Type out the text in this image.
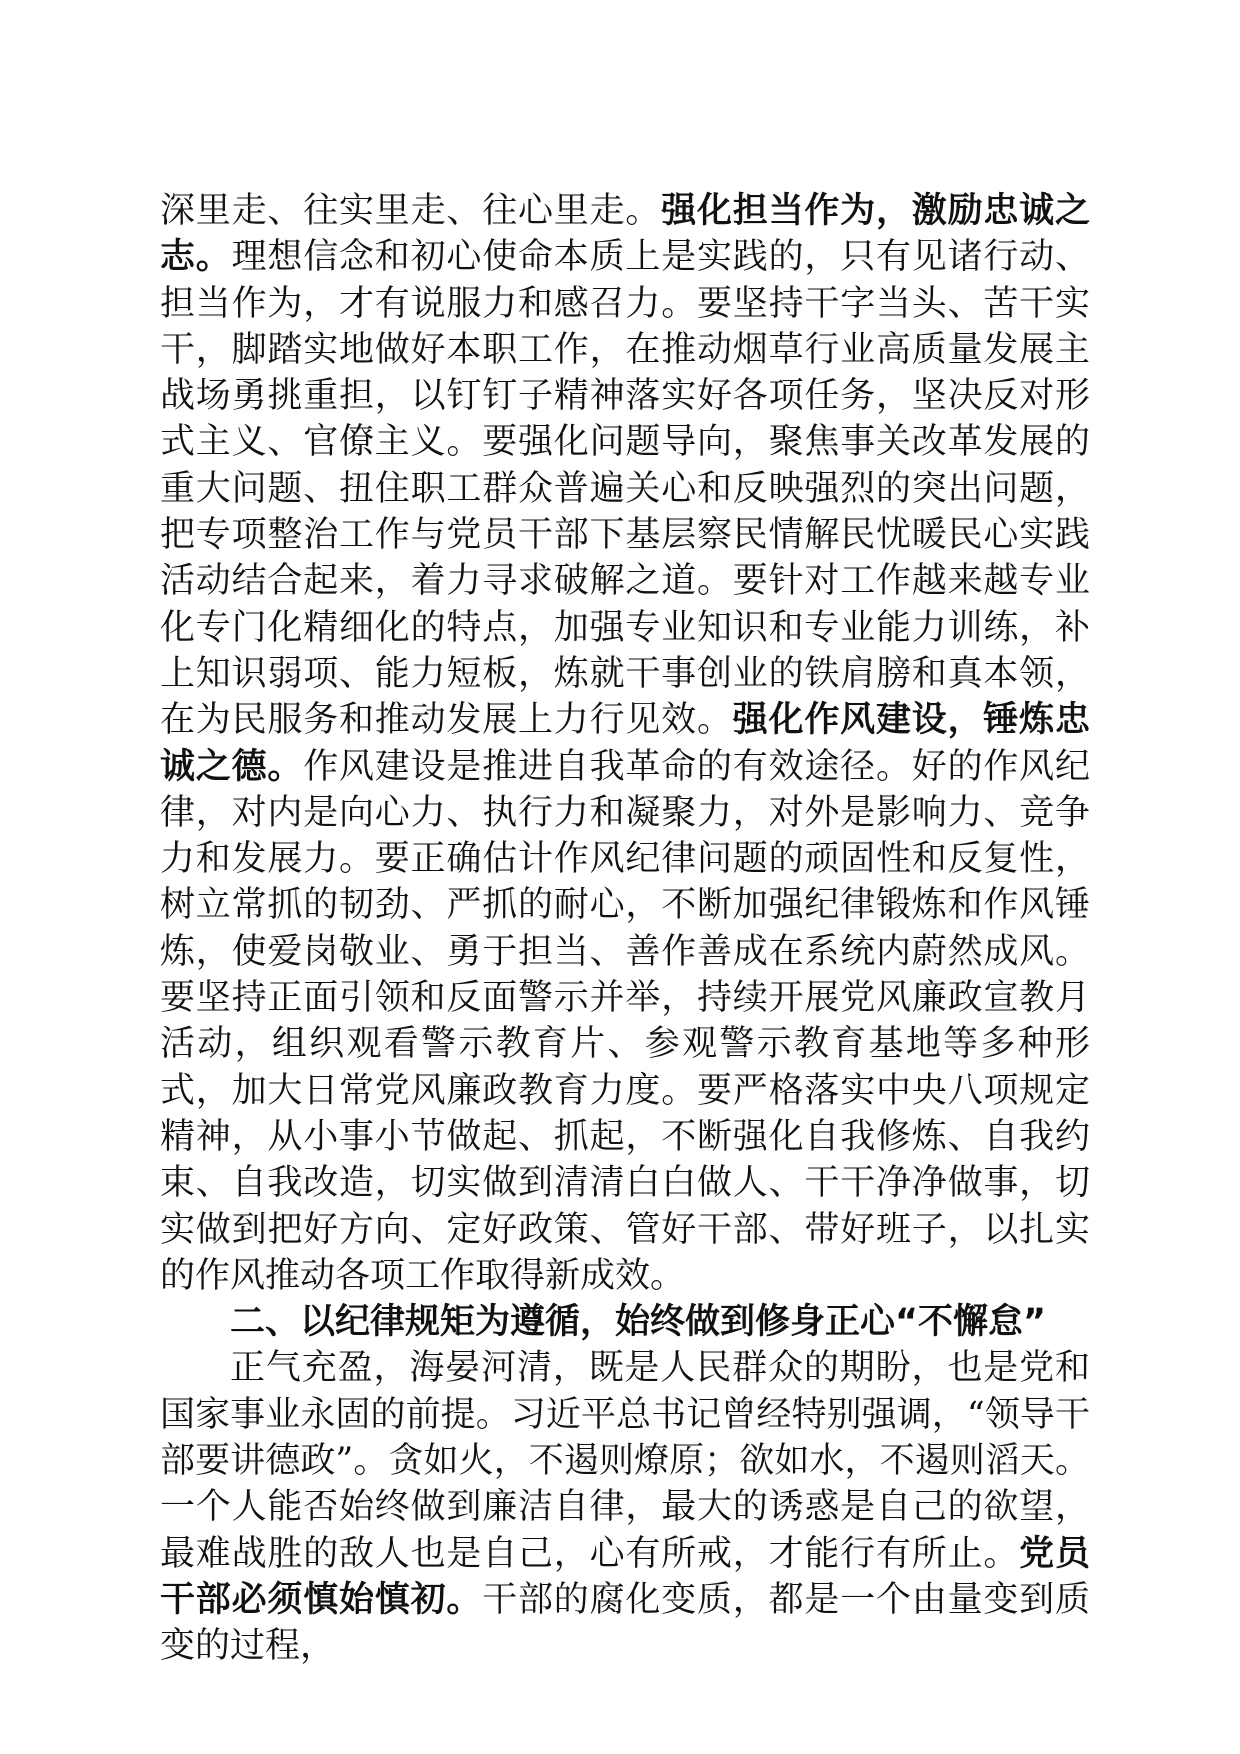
深里走、往实里走、往心里走。强化担当作为，激励忠诚之志。理想信念和初心使命本质上是实践的，只有见诸行动、担当作为，才有说服力和感召力。要坚持干字当头、苦干实干，脚踏实地做好本职工作，在推动烟草行业高质量发展主战场勇挑重担，以钉钉子精神落实好各项任务，坚决反对形式主义、官僚主义。要强化问题导向，聚焦事关改革发展的重大问题、扭住职工群众普遍关心和反映强烈的突出问题，把专项整治工作与党员干部下基层察民情解民忧暖民心实践活动结合起来，着力寻求破解之道。要针对工作越来越专业化专门化精细化的特点，加强专业知识和专业能力训练，补上知识弱项、能力短板，炼就干事创业的铁肩膀和真本领，在为民服务和推动发展上力行见效。强化作风建设，锤炼忠诚之德。作风建设是推进自我革命的有效途径。好的作风纪律，对内是向心力、执行力和凝聚力，对外是影响力、竞争力和发展力。要正确估计作风纪律问题的顽固性和反复性，树立常抓的韧劲、严抓的耐心，不断加强纪律锻炼和作风锤炼，使爱岗敬业、勇于担当、善作善成在系统内蔚然成风。要坚持正面引领和反面警示并举，持续开展党风廉政宣教月活动，组织观看警示教育片、参观警示教育基地等多种形式，加大日常党风廉政教育力度。要严格落实中央八项规定精神，从小事小节做起、抓起，不断强化自我修炼、自我约束、自我改造，切实做到清清白白做人、干干净净做事，切实做到把好方向、定好政策、管好干部、带好班子，以扎实的作风推动各项工作取得新成效。

二、以纪律规矩为遵循，始终做到修身正心“不懈怠”

正气充盈，海晏河清，既是人民群众的期盼，也是党和国家事业永固的前提。习近平总书记曾经特别强调，“领导干部要讲德政”。贪如火，不遏则燎原；欲如水，不遏则滔天。一个人能否始终做到廉洁自律，最大的诱惑是自己的欲望，最难战胜的敌人也是自己，心有所戒，才能行有所止。党员干部必须慎始慎初。干部的腐化变质，都是一个由量变到质变的过程，
